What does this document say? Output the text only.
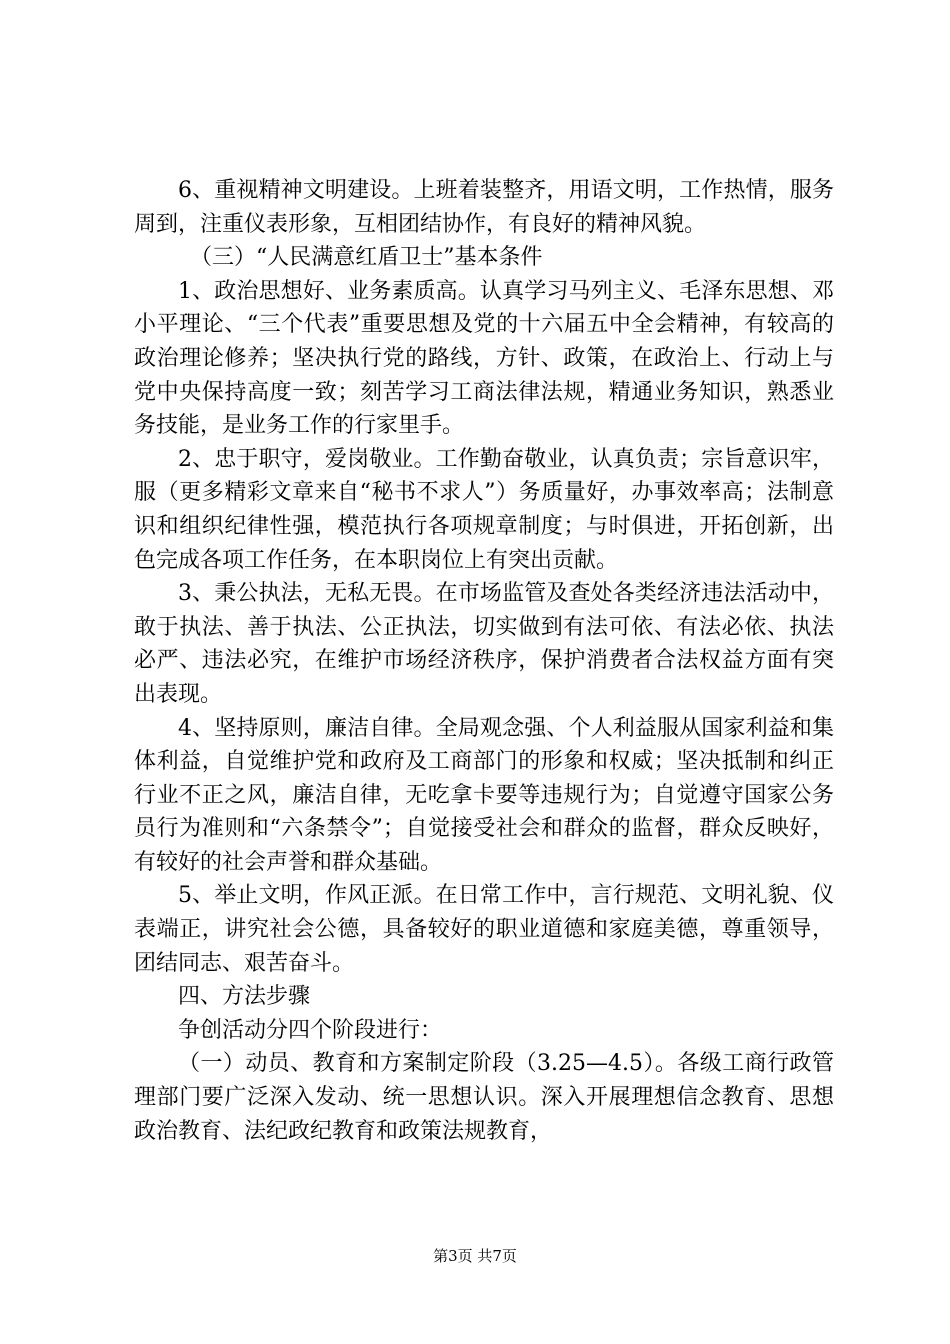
6、重视精神文明建设。上班着装整齐，用语文明，工作热情，服务周到，注重仪表形象，互相团结协作，有良好的精神风貌。

（三）“人民满意红盾卫士”基本条件

1、政治思想好、业务素质高。认真学习马列主义、毛泽东思想、邓小平理论、“三个代表”重要思想及党的十六届五中全会精神，有较高的政治理论修养；坚决执行党的路线，方针、政策，在政治上、行动上与党中央保持高度一致；刻苦学习工商法律法规，精通业务知识，熟悉业务技能，是业务工作的行家里手。

2、忠于职守，爱岗敬业。工作勤奋敬业，认真负责；宗旨意识牢，服（更多精彩文章来自“秘书不求人”）务质量好，办事效率高；法制意识和组织纪律性强，模范执行各项规章制度；与时俱进，开拓创新，出色完成各项工作任务，在本职岗位上有突出贡献。

3、秉公执法，无私无畏。在市场监管及查处各类经济违法活动中，敢于执法、善于执法、公正执法，切实做到有法可依、有法必依、执法必严、违法必究，在维护市场经济秩序，保护消费者合法权益方面有突出表现。

4、坚持原则，廉洁自律。全局观念强、个人利益服从国家利益和集体利益，自觉维护党和政府及工商部门的形象和权威；坚决抵制和纠正行业不正之风，廉洁自律，无吃拿卡要等违规行为；自觉遵守国家公务员行为准则和“六条禁令”；自觉接受社会和群众的监督，群众反映好，有较好的社会声誉和群众基础。

5、举止文明，作风正派。在日常工作中，言行规范、文明礼貌、仪表端正，讲究社会公德，具备较好的职业道德和家庭美德，尊重领导，团结同志、艰苦奋斗。

四、方法步骤

争创活动分四个阶段进行：

（一）动员、教育和方案制定阶段（3.25—4.5）。各级工商行政管理部门要广泛深入发动、统一思想认识。深入开展理想信念教育、思想政治教育、法纪政纪教育和政策法规教育，

第3页 共7页
